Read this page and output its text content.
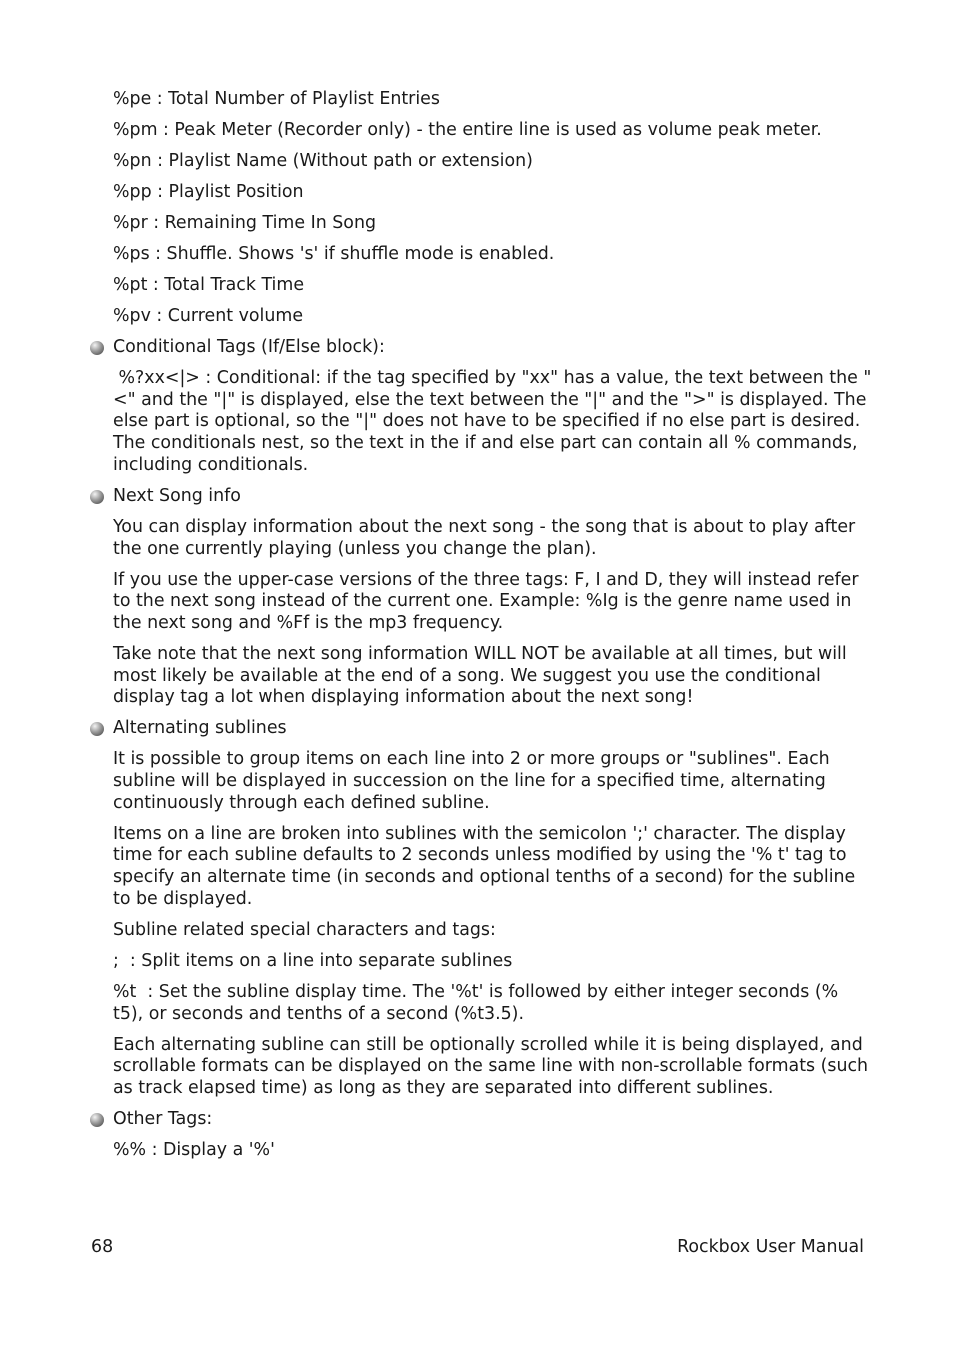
%pe : Total Number of Playlist Entries
%pm : Peak Meter (Recorder only) - the entire line is used as volume peak meter.
%pn : Playlist Name (Without path or extension)
%pp : Playlist Position
%pr : Remaining Time In Song
%ps : Shuffle. Shows 's' if shuffle mode is enabled.
%pt : Total Track Time
%pv : Current volume
Conditional Tags (If/Else block):
%?xx<|> : Conditional: if the tag specified by "xx" has a value, the text between the "<" and the "|" is displayed, else the text between the "|" and the ">" is displayed. The else part is optional, so the "|" does not have to be specified if no else part is desired. The conditionals nest, so the text in the if and else part can contain all % commands, including conditionals.
Next Song info
You can display information about the next song - the song that is about to play after the one currently playing (unless you change the plan).
If you use the upper-case versions of the three tags: F, I and D, they will instead refer to the next song instead of the current one. Example: %Ig is the genre name used in the next song and %Ff is the mp3 frequency.
Take note that the next song information WILL NOT be available at all times, but will most likely be available at the end of a song. We suggest you use the conditional display tag a lot when displaying information about the next song!
Alternating sublines
It is possible to group items on each line into 2 or more groups or "sublines". Each subline will be displayed in succession on the line for a specified time, alternating continuously through each defined subline.
Items on a line are broken into sublines with the semicolon ';' character. The display time for each subline defaults to 2 seconds unless modified by using the '% t' tag to specify an alternate time (in seconds and optional tenths of a second) for the subline to be displayed.
Subline related special characters and tags:
;  : Split items on a line into separate sublines
%t  : Set the subline display time. The '%t' is followed by either integer seconds (% t5), or seconds and tenths of a second (%t3.5).
Each alternating subline can still be optionally scrolled while it is being displayed, and scrollable formats can be displayed on the same line with non-scrollable formats (such as track elapsed time) as long as they are separated into different sublines.
Other Tags:
%% : Display a '%'
68	Rockbox User Manual
